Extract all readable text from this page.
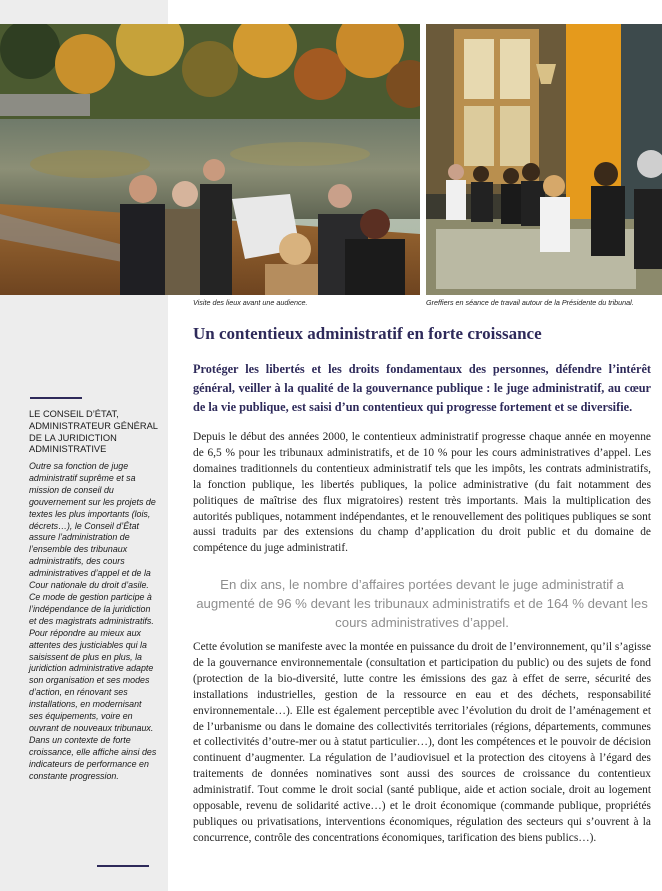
Visite des lieux avant une audience.	Greffiers en séance de travail autour de la Présidente du tribunal.
LE CONSEIL D’ÉTAT, ADMINISTRATEUR GÉNÉRAL DE LA JURIDICTION ADMINISTRATIVE
Outre sa fonction de juge administratif suprême et sa mission de conseil du gouvernement sur les projets de textes les plus importants (lois, décrets…), le Conseil d’État assure l’administration de l’ensemble des tribunaux administratifs, des cours administratives d’appel et de la Cour nationale du droit d’asile. Ce mode de gestion participe à l’indépendance de la juridiction et des magistrats administratifs. Pour répondre au mieux aux attentes des justiciables qui la saisissent de plus en plus, la juridiction administrative adapte son organisation et ses modes d’action, en rénovant ses installations, en modernisant ses équipements, voire en ouvrant de nouveaux tribunaux. Dans un contexte de forte croissance, elle affiche ainsi des indicateurs de performance en constante progression.
Un contentieux administratif en forte croissance
Protéger les libertés et les droits fondamentaux des personnes, défendre l’intérêt général, veiller à la qualité de la gouvernance publique : le juge administratif, au cœur de la vie publique, est saisi d’un contentieux qui progresse fortement et se diversifie.

Depuis le début des années 2000, le contentieux administratif progresse chaque année en moyenne de 6,5 % pour les tribunaux administratifs, et de 10 % pour les cours administratives d’appel. Les domaines traditionnels du contentieux administratif tels que les impôts, les contrats administratifs, la fonction publique, les libertés publiques, la police administrative (du fait notamment des politiques de maîtrise des flux migratoires) restent très importants. Mais la multiplication des autorités publiques, notamment indépendantes, et le renouvellement des politiques publiques se sont aussi traduits par des extensions du champ d’application du droit public et du domaine de compétence du juge administratif.

En dix ans, le nombre d’affaires portées devant le juge administratif a augmenté de 96 % devant les tribunaux administratifs et de 164 % devant les cours administratives d’appel.

Cette évolution se manifeste avec la montée en puissance du droit de l’environnement, qu’il s’agisse de la gouvernance environnementale (consultation et participation du public) ou des sujets de fond (protection de la bio-diversité, lutte contre les émissions des gaz à effet de serre, sécurité des installations industrielles, gestion de la ressource en eau et des déchets, responsabilité environnementale…). Elle est également perceptible avec l’évolution du droit de l’aménagement et de l’urbanisme ou dans le domaine des collectivités territoriales (régions, départements, communes et collectivités d’outre-mer ou à statut particulier…), dont les compétences et le pouvoir de décision continuent d’augmenter. La régulation de l’audiovisuel et la protection des citoyens à l’égard des traitements de données nominatives sont aussi des sources de croissance du contentieux administratif. Tout comme le droit social (santé publique, aide et action sociale, droit au logement opposable, revenu de solidarité active…) et le droit économique (commande publique, propriétés publiques ou privatisations, interventions économiques, régulation des secteurs qui s’ouvrent à la concurrence, contrôle des concentrations économiques, tarification des biens publics…).
